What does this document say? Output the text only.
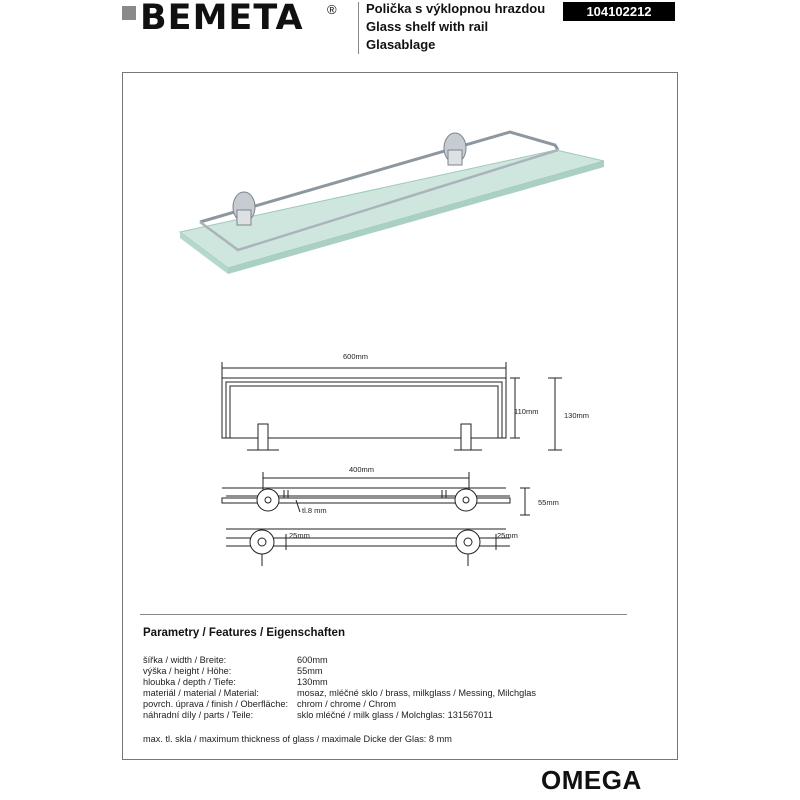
BEMETA ® Polička s výklopnou hrazdou
Glass shelf with rail
Glasablage
104102212
600mm
110mm	130mm
400mm
55mm
tl.8 mm
25mm	25mm
Parametry / Features / Eigenschaften
šířka / width / Breite:	600mm
výška / height / Höhe:	55mm
hloubka / depth / Tiefe:	130mm
materiál / material / Material:	mosaz, mléčné sklo / brass, milkglass / Messing, Milchglas
povrch. úprava / finish / Oberfläche: chrom / chrome / Chrom
náhradní díly / parts / Teile:	sklo mléčné / milk glass / Molchglas: 131567011
max. tl. skla / maximum thickness of glass / maximale Dicke der Glas: 8 mm
OMEGA
